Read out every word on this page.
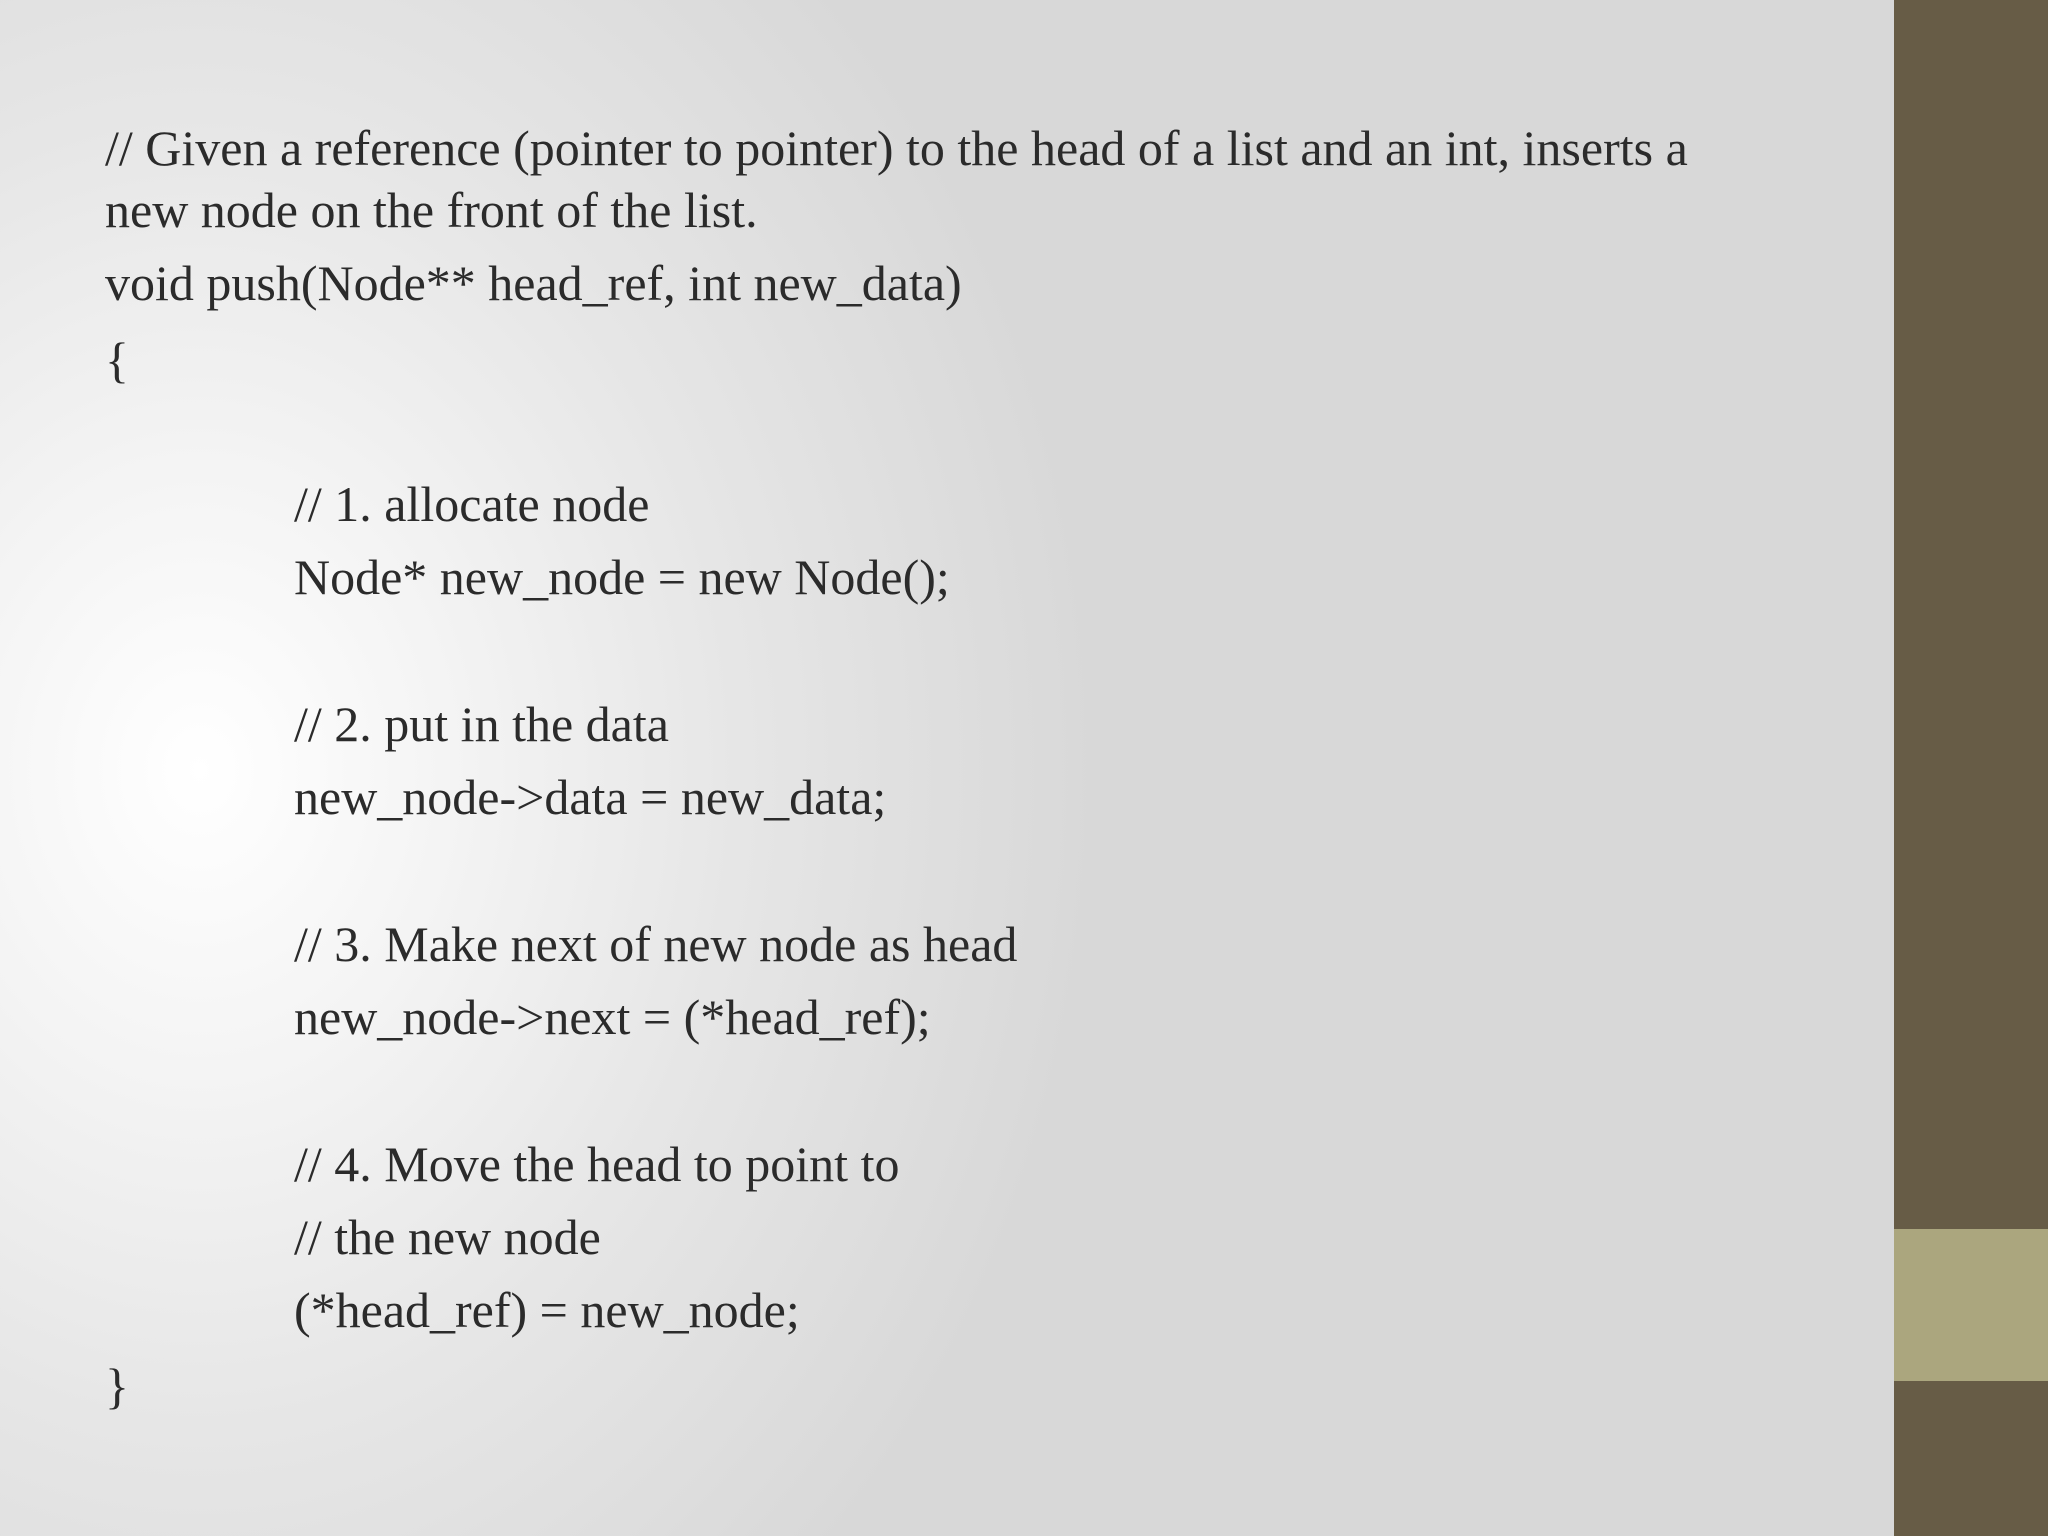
// Given a reference (pointer to pointer) to the head of a list and an int, inserts a
new node on the front of the list.
void push(Node** head_ref, int new_data)
{
// 1. allocate node
Node* new_node = new Node();
// 2. put in the data
new_node->data = new_data;
// 3. Make next of new node as head
new_node->next = (*head_ref);
// 4. Move the head to point to
// the new node
(*head_ref) = new_node;
}
